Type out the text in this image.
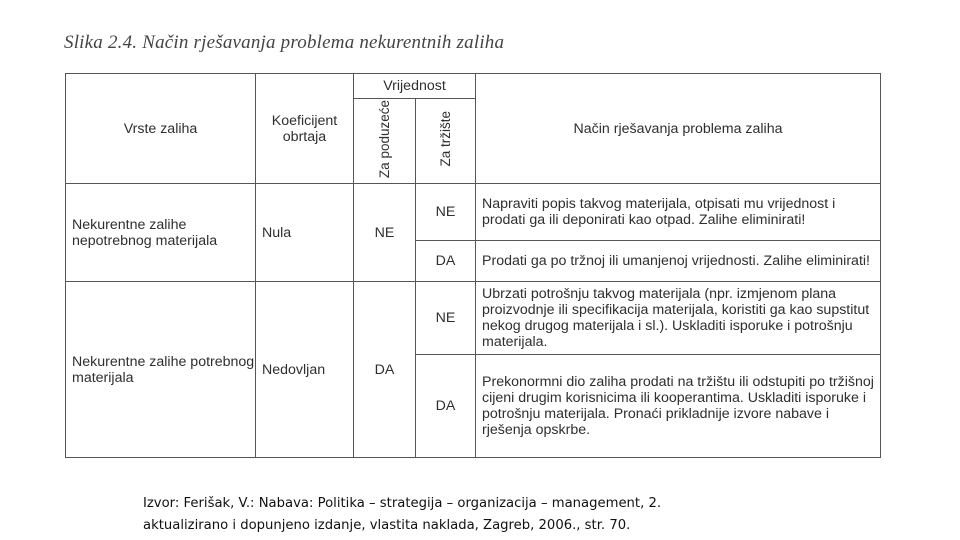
Slika 2.4. Način rješavanja problema nekurentnih zaliha
Vrste zaliha	Koeficijent obrtaja	Vrijednost		Način rješavanja problema zaliha
		Za poduzeće	Za tržište	
Nekurentne zalihe nepotrebnog materijala	Nula	NE	NE	Napraviti popis takvog materijala, otpisati mu vrijednost i prodati ga ili deponirati kao otpad. Zalihe eliminirati!
			DA	Prodati ga po tržnoj ili umanjenoj vrijednosti. Zalihe eliminirati!
Nekurentne zalihe potrebnog materijala	Nedovljan	DA	NE	Ubrzati potrošnju takvog materijala (npr. izmjenom plana proizvodnje ili specifikacija materijala, koristiti ga kao supstitut nekog drugog materijala i sl.). Uskladiti isporuke i potrošnju materijala.
			DA	Prekonormni dio zaliha prodati na tržištu ili odstupiti po tržišnoj cijeni drugim korisnicima ili kooperantima. Uskladiti isporuke i potrošnju materijala. Pronaći prikladnije izvore nabave i rješenja opskrbe.
Izvor: Ferišak, V.: Nabava: Politika – strategija – organizacija – management, 2.
aktualizirano i dopunjeno izdanje, vlastita naklada, Zagreb, 2006., str. 70.
